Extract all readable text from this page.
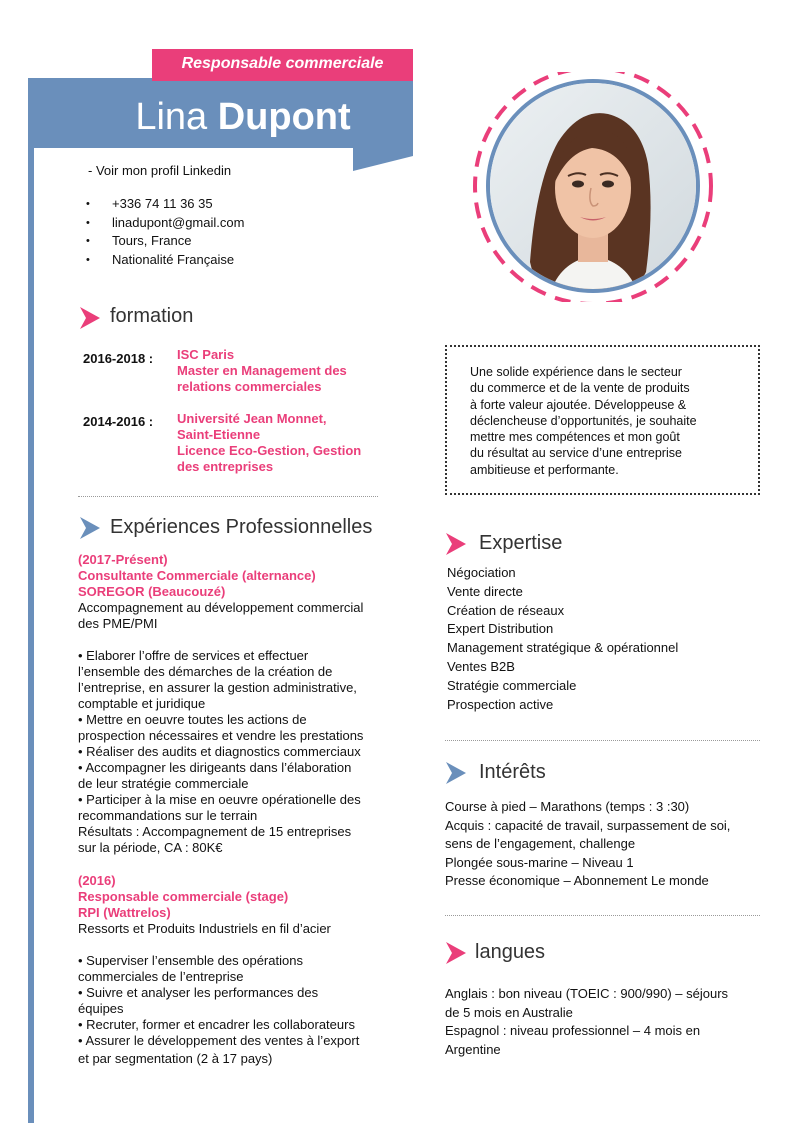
Responsable commerciale
Lina Dupont
- Voir mon profil Linkedin
• +336 74 11 36 35
• linadupont@gmail.com
• Tours, France
• Nationalité Française
formation
2016-2018 : ISC Paris
Master en Management des
relations commerciales
2014-2016 : Université Jean Monnet,
Saint-Etienne
Licence Eco-Gestion, Gestion
des entreprises
Expériences Professionnelles
(2017-Présent)
Consultante Commerciale (alternance)
SOREGOR (Beaucouzé)
Accompagnement au développement commercial
des PME/PMI
• Elaborer l’offre de services et effectuer
l’ensemble des démarches de la création de
l’entreprise, en assurer la gestion administrative,
comptable et juridique
• Mettre en oeuvre toutes les actions de
prospection nécessaires et vendre les prestations
• Réaliser des audits et diagnostics commerciaux
• Accompagner les dirigeants dans l’élaboration
de leur stratégie commerciale
• Participer à la mise en oeuvre opérationelle des
recommandations sur le terrain
Résultats : Accompagnement de 15 entreprises
sur la période, CA : 80K€
(2016)
Responsable commerciale (stage)
RPI (Wattrelos)
Ressorts et Produits Industriels en fil d’acier
• Superviser l’ensemble des opérations
commerciales de l’entreprise
• Suivre et analyser les performances des
équipes
• Recruter, former et encadrer les collaborateurs
• Assurer le développement des ventes à l’export
et par segmentation (2 à 17 pays)
Une solide expérience dans le secteur
du commerce et de la vente de produits
à forte valeur ajoutée. Développeuse &
déclencheuse d’opportunités, je souhaite
mettre mes compétences et mon goût
du résultat au service d’une entreprise
ambitieuse et performante.
Expertise
Négociation
Vente directe
Création de réseaux
Expert Distribution
Management stratégique & opérationnel
Ventes B2B
Stratégie commerciale
Prospection active
Intérêts
Course à pied – Marathons (temps : 3 :30)
Acquis : capacité de travail, surpassement de soi,
sens de l’engagement, challenge
Plongée sous-marine – Niveau 1
Presse économique – Abonnement Le monde
langues
Anglais : bon niveau (TOEIC : 900/990) – séjours
de 5 mois en Australie
Espagnol : niveau professionnel – 4 mois en
Argentine
